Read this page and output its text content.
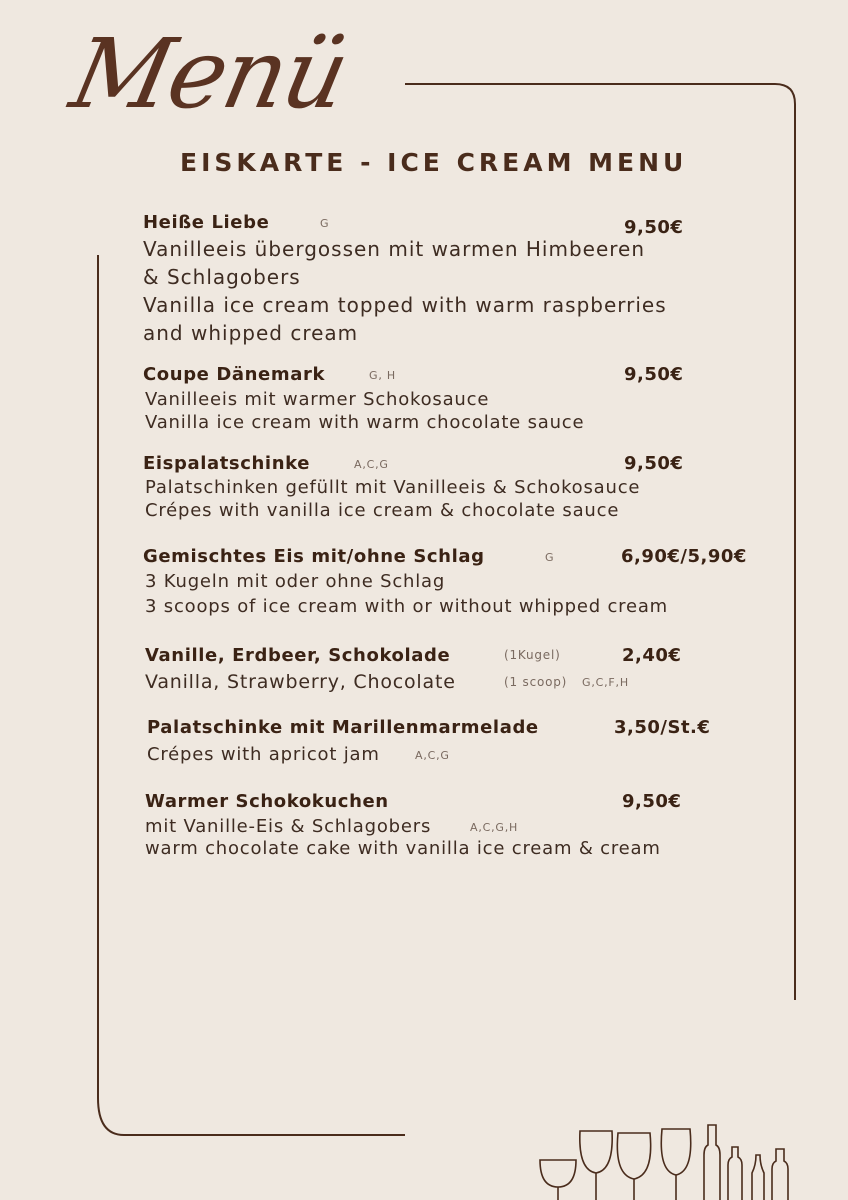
Menü
EISKARTE - ICE CREAM MENU
Heiße Liebe	G	9,50€
Vanilleeis übergossen mit warmen Himbeeren
& Schlagobers
Vanilla ice cream topped with warm raspberries
and whipped cream
Coupe Dänemark	G, H	9,50€
Vanilleeis mit warmer Schokosauce
Vanilla ice cream with warm chocolate sauce
Eispalatschinke	A,C,G	9,50€
Palatschinken gefüllt mit Vanilleeis & Schokosauce
Crépes with vanilla ice cream & chocolate sauce
Gemischtes Eis mit/ohne Schlag	G	6,90€/5,90€
3 Kugeln mit oder ohne Schlag
3 scoops of ice cream with or without whipped cream
Vanille, Erdbeer, Schokolade	(1Kugel)	2,40€
Vanilla, Strawberry, Chocolate	(1 scoop) G,C,F,H
Palatschinke mit Marillenmarmelade	3,50/St.€
Crépes with apricot jam	A,C,G
Warmer Schokokuchen	9,50€
mit Vanille-Eis & Schlagobers	A,C,G,H
warm chocolate cake with vanilla ice cream & cream
